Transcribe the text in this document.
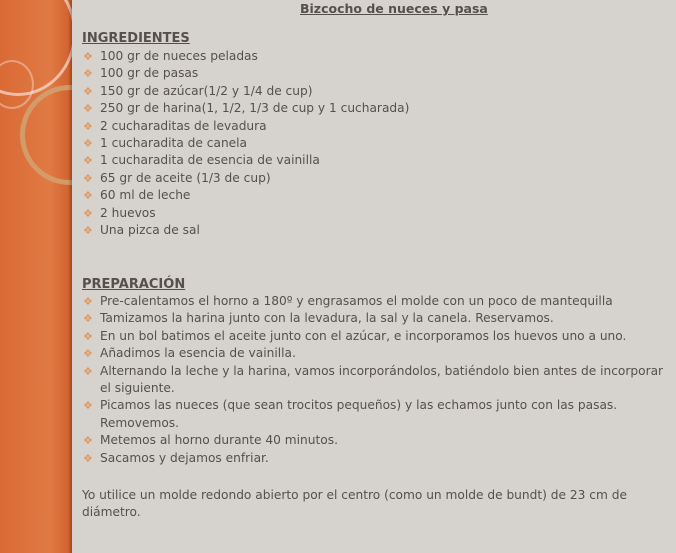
Bizcocho de nueces y pasa
INGREDIENTES
❖ 100 gr de nueces peladas
❖ 100 gr de pasas
❖ 150 gr de azúcar(1/2 y 1/4 de cup)
❖ 250 gr de harina(1, 1/2, 1/3 de cup y 1 cucharada)
❖ 2 cucharaditas de levadura
❖ 1 cucharadita de canela
❖ 1 cucharadita de esencia de vainilla
❖ 65 gr de aceite (1/3 de cup)
❖ 60 ml de leche
❖ 2 huevos
❖ Una pizca de sal
PREPARACIÓN
❖ Pre-calentamos el horno a 180º y engrasamos el molde con un poco de mantequilla
❖ Tamizamos la harina junto con la levadura, la sal y la canela. Reservamos.
❖ En un bol batimos el aceite junto con el azúcar, e incorporamos los huevos uno a uno.
❖ Añadimos la esencia de vainilla.
❖ Alternando la leche y la harina, vamos incorporándolos, batiéndolo bien antes de incorporar el siguiente.
❖ Picamos las nueces (que sean trocitos pequeños) y las echamos junto con las pasas. Removemos.
❖ Metemos al horno durante 40 minutos.
❖ Sacamos y dejamos enfriar.

Yo utilice un molde redondo abierto por el centro (como un molde de bundt) de 23 cm de diámetro.
